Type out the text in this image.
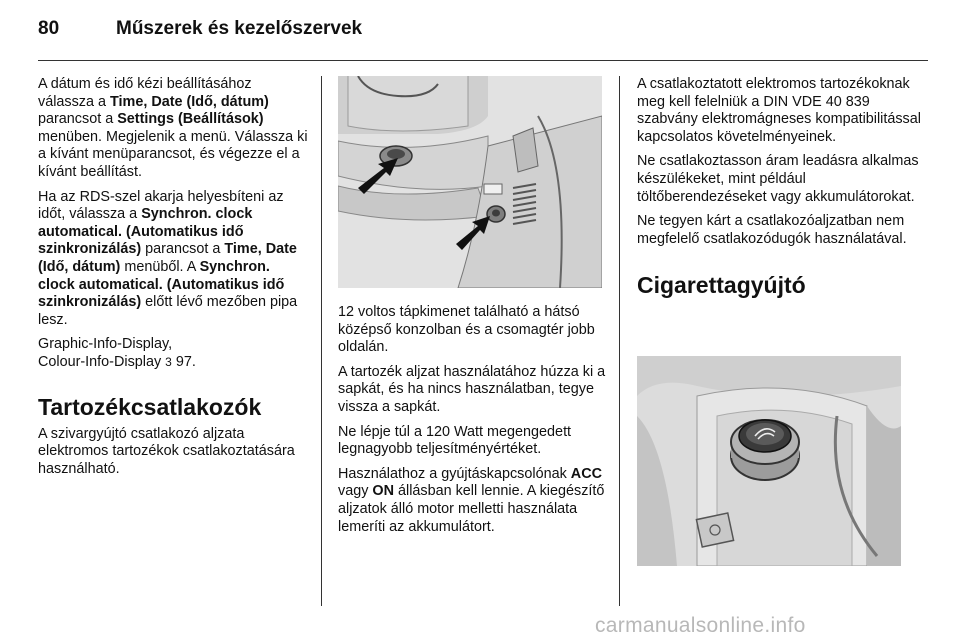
80	Műszerek és kezelőszervek

A dátum és idő kézi beállításához válassza a Time, Date (Idő, dátum) parancsot a Settings (Beállítások) menüben. Megjelenik a menü. Válassza ki a kívánt menüparancsot, és végezze el a kívánt beállítást.

Ha az RDS-szel akarja helyesbíteni az időt, válassza a Synchron. clock automatical. (Automatikus idő szinkronizálás) parancsot a Time, Date (Idő, dátum) menüből. A Synchron. clock automatical. (Automatikus idő szinkronizálás) előtt lévő mezőben pipa lesz.

Graphic-Info-Display,
Colour-Info-Display 3 97.

Tartozékcsatlakozók

A szivargyújtó csatlakozó aljzata elektromos tartozékok csatlakoztatására használható.

12 voltos tápkimenet található a hátsó középső konzolban és a csomagtér jobb oldalán.

A tartozék aljzat használatához húzza ki a sapkát, és ha nincs használatban, tegye vissza a sapkát.

Ne lépje túl a 120 Watt megengedett legnagyobb teljesítményértéket.

Használathoz a gyújtáskapcsolónak ACC vagy ON állásban kell lennie. A kiegészítő aljzatok álló motor melletti használata lemeríti az akkumulátort.

A csatlakoztatott elektromos tartozékoknak meg kell felelniük a DIN VDE 40 839 szabvány elektromágneses kompatibilitással kapcsolatos követelményeinek.

Ne csatlakoztasson áram leadásra alkalmas készülékeket, mint például töltőberendezéseket vagy akkumulátorokat.

Ne tegyen kárt a csatlakozóaljzatban nem megfelelő csatlakozódugók használatával.

Cigarettagyújtó
carmanualsonline.info
